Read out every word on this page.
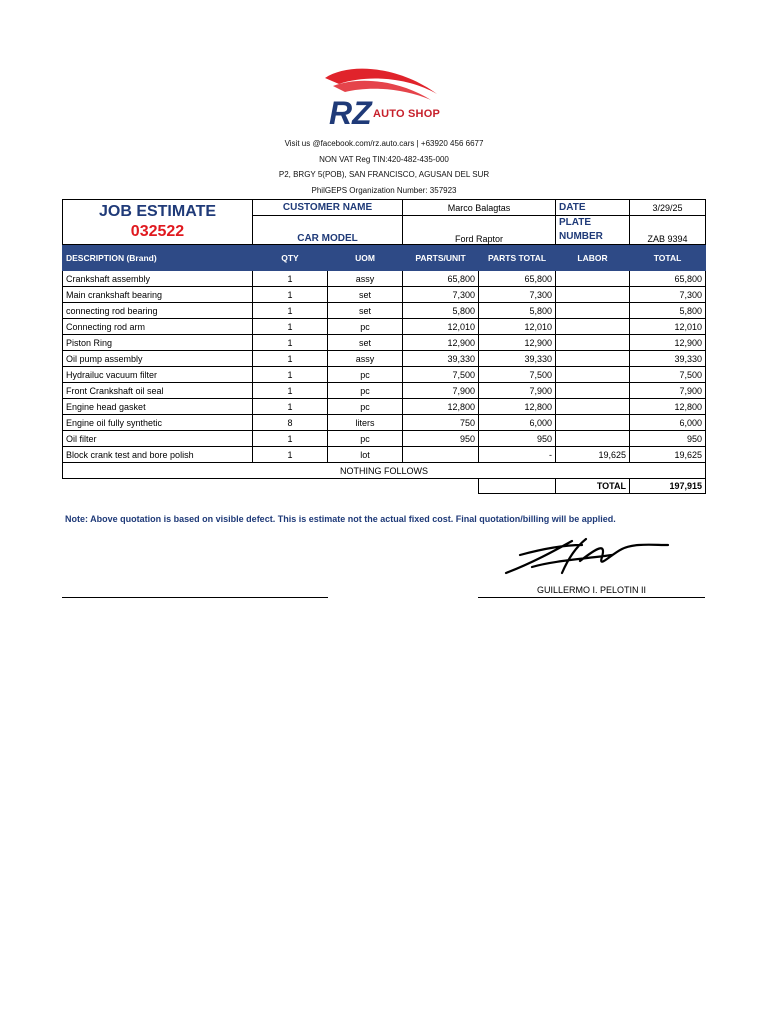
RZ AUTO SHOP
Visit us @facebook.com/rz.auto.cars | +63920 456 6677
NON VAT Reg TIN:420-482-435-000
P2, BRGY 5(POB), SAN FRANCISCO, AGUSAN DEL SUR
PhilGEPS Organization Number: 357923
JOB ESTIMATE
032522	CUSTOMER NAME		Marco Balagtas		DATE	3/29/25
	CAR MODEL		Ford Raptor		PLATE
NUMBER	ZAB 9394
DESCRIPTION (Brand)	QTY	UOM	PARTS/UNIT	PARTS TOTAL	LABOR	TOTAL
Crankshaft assembly	1	assy	65,800	65,800		65,800
Main crankshaft bearing	1	set	7,300	7,300		7,300
connecting rod bearing	1	set	5,800	5,800		5,800
Connecting rod arm	1	pc	12,010	12,010		12,010
Piston Ring	1	set	12,900	12,900		12,900
Oil pump assembly	1	assy	39,330	39,330		39,330
Hydrailuc vacuum filter	1	pc	7,500	7,500		7,500
Front Crankshaft oil seal	1	pc	7,900	7,900		7,900
Engine head gasket	1	pc	12,800	12,800		12,800
Engine oil fully synthetic	8	liters	750	6,000		6,000
Oil filter	1	pc	950	950		950
Block crank test and bore polish	1	lot		-	19,625	19,625
NOTHING FOLLOWS						
					TOTAL	197,915
Note: Above quotation is based on visible defect. This is estimate not the actual fixed cost. Final quotation/billing will be applied.
GUILLERMO I. PELOTIN II
